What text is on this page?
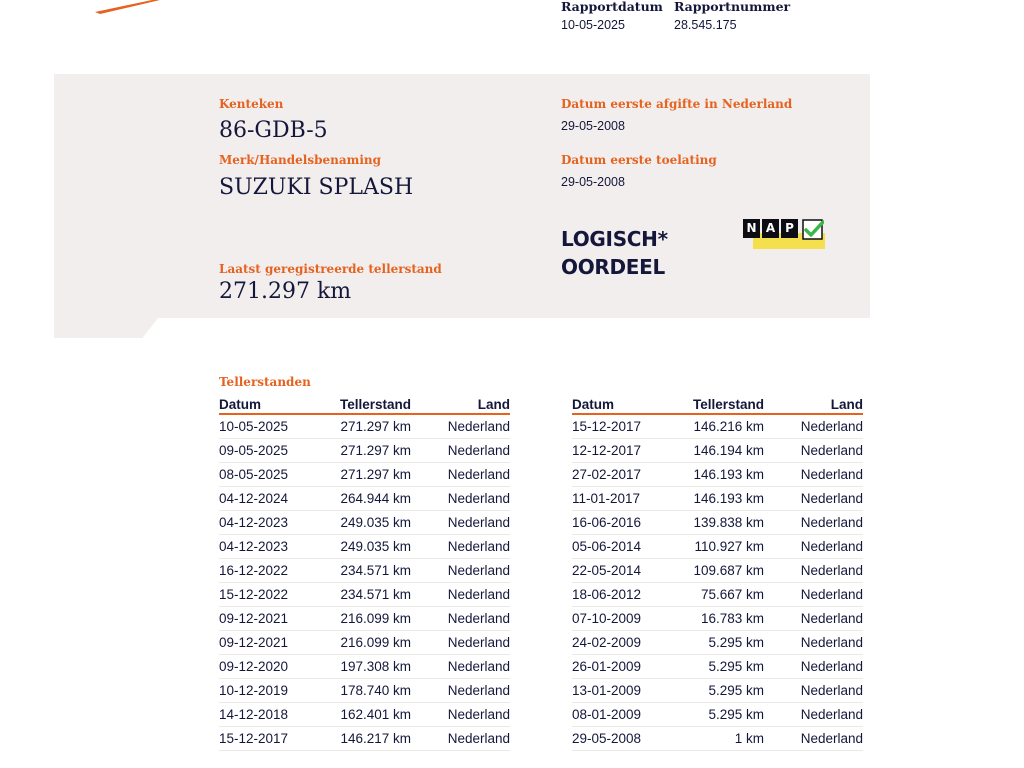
Rapportdatum
10-05-2025
Rapportnummer
28.545.175
Kenteken
86-GDB-5
Merk/Handelsbenaming
SUZUKI SPLASH
Datum eerste afgifte in Nederland
29-05-2008
Datum eerste toelating
29-05-2008
Laatst geregistreerde tellerstand
271.297 km
LOGISCH*
OORDEEL
N A P
Tellerstanden
Datum	Tellerstand	Land
10-05-2025	271.297 km	Nederland
09-05-2025	271.297 km	Nederland
08-05-2025	271.297 km	Nederland
04-12-2024	264.944 km	Nederland
04-12-2023	249.035 km	Nederland
04-12-2023	249.035 km	Nederland
16-12-2022	234.571 km	Nederland
15-12-2022	234.571 km	Nederland
09-12-2021	216.099 km	Nederland
09-12-2021	216.099 km	Nederland
09-12-2020	197.308 km	Nederland
10-12-2019	178.740 km	Nederland
14-12-2018	162.401 km	Nederland
15-12-2017	146.217 km	Nederland
Datum	Tellerstand	Land
15-12-2017	146.216 km	Nederland
12-12-2017	146.194 km	Nederland
27-02-2017	146.193 km	Nederland
11-01-2017	146.193 km	Nederland
16-06-2016	139.838 km	Nederland
05-06-2014	110.927 km	Nederland
22-05-2014	109.687 km	Nederland
18-06-2012	75.667 km	Nederland
07-10-2009	16.783 km	Nederland
24-02-2009	5.295 km	Nederland
26-01-2009	5.295 km	Nederland
13-01-2009	5.295 km	Nederland
08-01-2009	5.295 km	Nederland
29-05-2008	1 km	Nederland
